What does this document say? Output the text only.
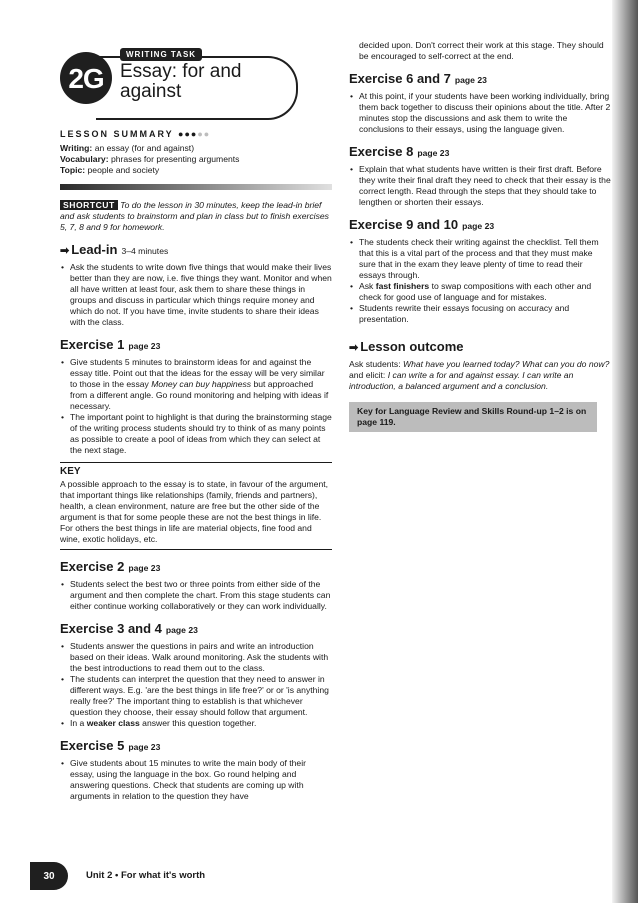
2G
WRITING TASK
Essay: for and
against
LESSON SUMMARY ●●●●●

Writing: an essay (for and against)

Vocabulary: phrases for presenting arguments

Topic: people and society

SHORTCUT To do the lesson in 30 minutes, keep the lead-in brief and ask students to brainstorm and plan in class but to finish exercises 5, 7, 8 and 9 for homework.

➡ Lead-in 3–4 minutes
• Ask the students to write down five things that would make their lives better than they are now, i.e. five things they want. Monitor and when all have written at least four, ask them to share these things in groups and discuss in particular which things require money and which do not. If you have time, invite students to share their ideas with the class.
Exercise 1 page 23
• Give students 5 minutes to brainstorm ideas for and against the essay title. Point out that the ideas for the essay will be very similar to those in the essay Money can buy happiness but approached from a different angle. Go round monitoring and helping with ideas if necessary.
• The important point to highlight is that during the brainstorming stage of the writing process students should try to think of as many points as possible to create a pool of ideas from which they can select at the next stage.
KEY

A possible approach to the essay is to state, in favour of the argument, that important things like relationships (family, friends and partners), health, a clean environment, nature are free but the other side of the argument is that for some people these are not the best things in life. For others the best things in life are material objects, fine food and wine, exotic holidays, etc.

Exercise 2 page 23
• Students select the best two or three points from either side of the argument and then complete the chart. From this stage students can either continue working collaboratively or they can work individually.
Exercise 3 and 4 page 23
• Students answer the questions in pairs and write an introduction based on their ideas. Walk around monitoring. Ask the students with the best introductions to read them out to the class.
• The students can interpret the question that they need to answer in different ways. E.g. 'are the best things in life free?' or or 'is anything really free?' The important thing to establish is that whichever question they choose, their essay should follow that argument.
• In a weaker class answer this question together.
Exercise 5 page 23
• Give students about 15 minutes to write the main body of their essay, using the language in the box. Go round helping and answering questions. Check that students are coming up with arguments in relation to the question they have

decided upon. Don't correct their work at this stage. They should be encouraged to self-correct at the end.

Exercise 6 and 7 page 23
• At this point, if your students have been working individually, bring them back together to discuss their opinions about the title. After 2 minutes stop the discussions and ask them to write the conclusions to their essays, using the language given.
Exercise 8 page 23
• Explain that what students have written is their first draft. Before they write their final draft they need to check that their essay is the correct length. Read through the steps that they should take to lengthen or shorten their essays.
Exercise 9 and 10 page 23
• The students check their writing against the checklist. Tell them that this is a vital part of the process and that they must make sure that in the exam they leave plenty of time to read their essays through.
• Ask fast finishers to swap compositions with each other and check for good use of language and for mistakes.
• Students rewrite their essays focusing on accuracy and presentation.
➡ Lesson outcome

Ask students: What have you learned today? What can you do now? and elicit: I can write a for and against essay. I can write an introduction, a balanced argument and a conclusion.

Key for Language Review and Skills Round-up 1–2 is on page 119.
30	Unit 2 • For what it's worth
